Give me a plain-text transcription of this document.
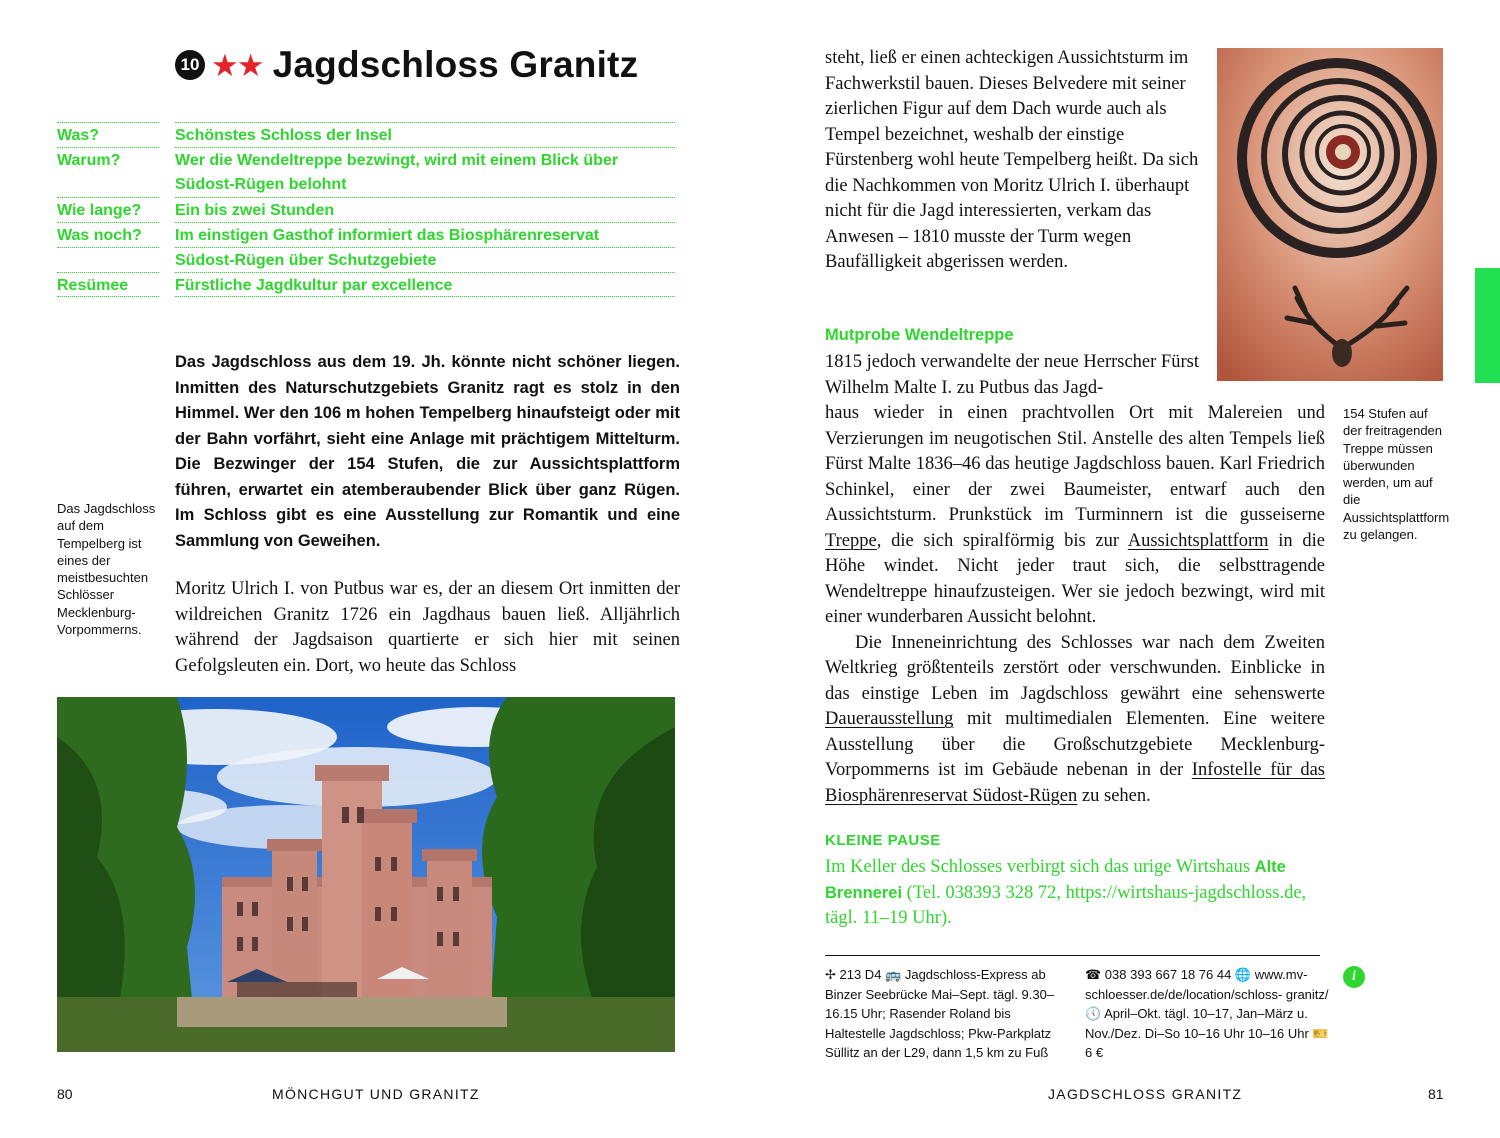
10 ★★ Jagdschloss Granitz
Was?	Schönstes Schloss der Insel
Warum?	Wer die Wendeltreppe bezwingt, wird mit einem Blick über
Südost-Rügen belohnt
Wie lange?	Ein bis zwei Stunden
Was noch?	Im einstigen Gasthof informiert das Biosphärenreservat
Südost-Rügen über Schutzgebiete
Resümee	Fürstliche Jagdkultur par excellence

Das Jagdschloss aus dem 19. Jh. könnte nicht schöner liegen. Inmitten des Naturschutzgebiets Granitz ragt es stolz in den Himmel. Wer den 106 m hohen Tempelberg hinaufsteigt oder mit der Bahn vorfährt, sieht eine Anlage mit prächtigem Mittelturm. Die Bezwinger der 154 Stufen, die zur Aussichtsplattform führen, erwartet ein atemberaubender Blick über ganz Rügen. Im Schloss gibt es eine Ausstellung zur Romantik und eine Sammlung von Geweihen.

Das Jagdschloss auf dem Tempelberg ist eines der meistbesuchten Schlösser Mecklenburg-Vorpommerns.

Moritz Ulrich I. von Putbus war es, der an diesem Ort inmitten der wildreichen Granitz 1726 ein Jagdhaus bauen ließ. Alljährlich während der Jagdsaison quartierte er sich hier mit seinen Gefolgsleuten ein. Dort, wo heute das Schloss

80	MÖNCHGUT UND GRANITZ

steht, ließ er einen achteckigen Aussichtsturm im Fachwerkstil bauen. Dieses Belvedere mit seiner zierlichen Figur auf dem Dach wurde auch als Tempel bezeichnet, weshalb der einstige Fürstenberg wohl heute Tempelberg heißt. Da sich die Nachkommen von Moritz Ulrich I. überhaupt nicht für die Jagd interessierten, verkam das Anwesen – 1810 musste der Turm wegen Baufälligkeit abgerissen werden.

Mutprobe Wendeltreppe
1815 jedoch verwandelte der neue Herrscher Fürst Wilhelm Malte I. zu Putbus das Jagd-

haus wieder in einen prachtvollen Ort mit Malereien und Verzierungen im neugotischen Stil. Anstelle des alten Tempels ließ Fürst Malte 1836–46 das heutige Jagdschloss bauen. Karl Friedrich Schinkel, einer der zwei Baumeister, entwarf auch den Aussichtsturm. Prunkstück im Turminnern ist die gusseiserne Treppe, die sich spiralförmig bis zur Aussichtsplattform in die Höhe windet. Nicht jeder traut sich, die selbsttragende Wendeltreppe hinaufzusteigen. Wer sie jedoch bezwingt, wird mit einer wunderbaren Aussicht belohnt.

Die Inneneinrichtung des Schlosses war nach dem Zweiten Weltkrieg größtenteils zerstört oder verschwunden. Einblicke in das einstige Leben im Jagdschloss gewährt eine sehenswerte Dauerausstellung mit multimedialen Elementen. Eine weitere Ausstellung über die Großschutzgebiete Mecklenburg-Vorpommerns ist im Gebäude nebenan in der Infostelle für das Biosphärenreservat Südost-Rügen zu sehen.

154 Stufen auf der freitragenden Treppe müssen überwunden werden, um auf die Aussichtsplattform zu gelangen.

KLEINE PAUSE

Im Keller des Schlosses verbirgt sich das urige Wirtshaus Alte Brennerei (Tel. 038393 328 72, https://wirtshaus-jagdschloss.de, tägl. 11–19 Uhr).

✢ 213 D4 🚌 Jagdschloss-Express ab Binzer Seebrücke Mai–Sept. tägl. 9.30–16.15 Uhr; Rasender Roland bis Haltestelle Jagdschloss; Pkw-Parkplatz Süllitz an der L29, dann 1,5 km zu Fuß

☎ 038 393 667 18 76 44 🌐 www.mv-schloesser.de/de/location/schloss- granitz/ 🕔 April–Okt. tägl. 10–17, Jan–März u. Nov./Dez. Di–So 10–16 Uhr 10–16 Uhr 🎫 6 €

i
JAGDSCHLOSS GRANITZ	81
